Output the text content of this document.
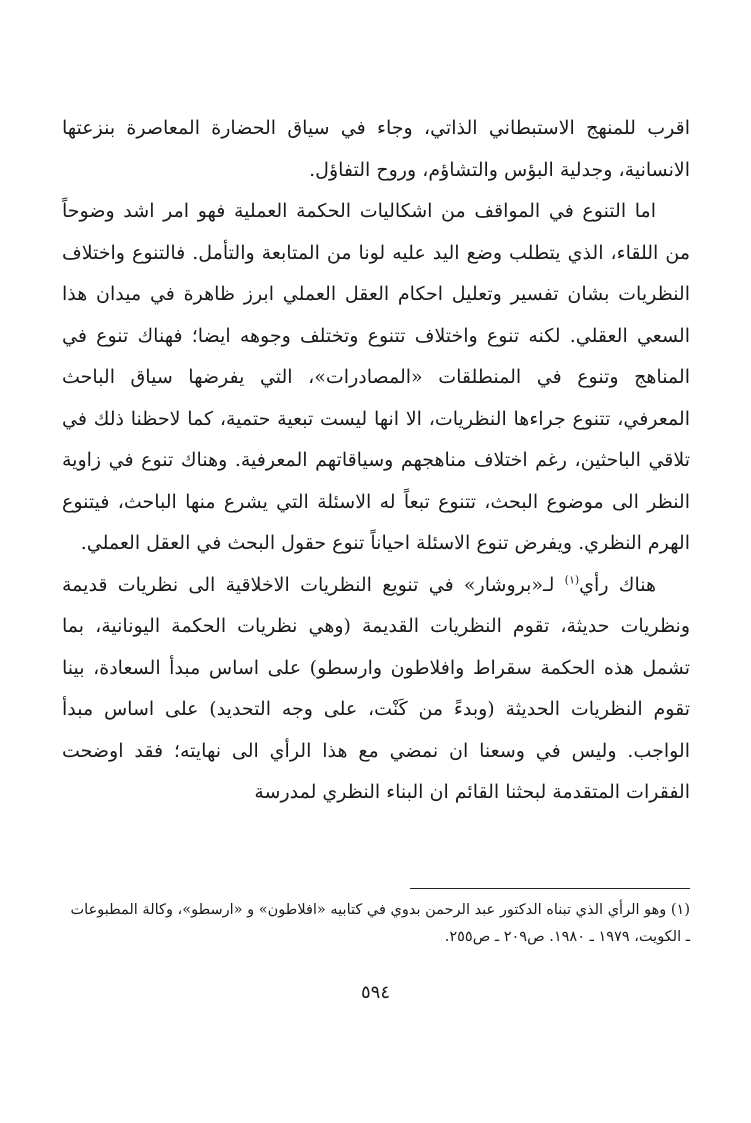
اقرب للمنهج الاستبطاني الذاتي، وجاء في سياق الحضارة المعاصرة بنزعتها الانسانية، وجدلية البؤس والتشاؤم، وروح التفاؤل.

اما التنوع في المواقف من اشكاليات الحكمة العملية فهو امر اشد وضوحاً من اللقاء، الذي يتطلب وضع اليد عليه لونا من المتابعة والتأمل. فالتنوع واختلاف النظريات بشان تفسير وتعليل احكام العقل العملي ابرز ظاهرة في ميدان هذا السعي العقلي. لكنه تنوع واختلاف تتنوع وتختلف وجوهه ايضا؛ فهناك تنوع في المناهج وتنوع في المنطلقات «المصادرات»، التي يفرضها سياق الباحث المعرفي، تتنوع جراءها النظريات، الا انها ليست تبعية حتمية، كما لاحظنا ذلك في تلاقي الباحثين، رغم اختلاف مناهجهم وسياقاتهم المعرفية. وهناك تنوع في زاوية النظر الى موضوع البحث، تتنوع تبعاً له الاسئلة التي يشرع منها الباحث، فيتنوع الهرم النظري. ويفرض تنوع الاسئلة احياناً تنوع حقول البحث في العقل العملي.

هناك رأي$^{(١)}$ لـ«بروشار» في تنويع النظريات الاخلاقية الى نظريات قديمة ونظريات حديثة، تقوم النظريات القديمة (وهي نظريات الحكمة اليونانية، بما تشمل هذه الحكمة سقراط وافلاطون وارسطو) على اساس مبدأ السعادة، بينا تقوم النظريات الحديثة (وبدءً من كَنْت، على وجه التحديد) على اساس مبدأ الواجب. وليس في وسعنا ان نمضي مع هذا الرأي الى نهايته؛ فقد اوضحت الفقرات المتقدمة لبحثنا القائم ان البناء النظري لمدرسة

(١) وهو الرأي الذي تبناه الدكتور عبد الرحمن بدوي في كتابيه «افلاطون» و «ارسطو»، وكالة المطبوعات ـ الكويت، ١٩٧٩ ـ ١٩٨٠. ص٢٠٩ ـ ص٢٥٥.

٥٩٤
